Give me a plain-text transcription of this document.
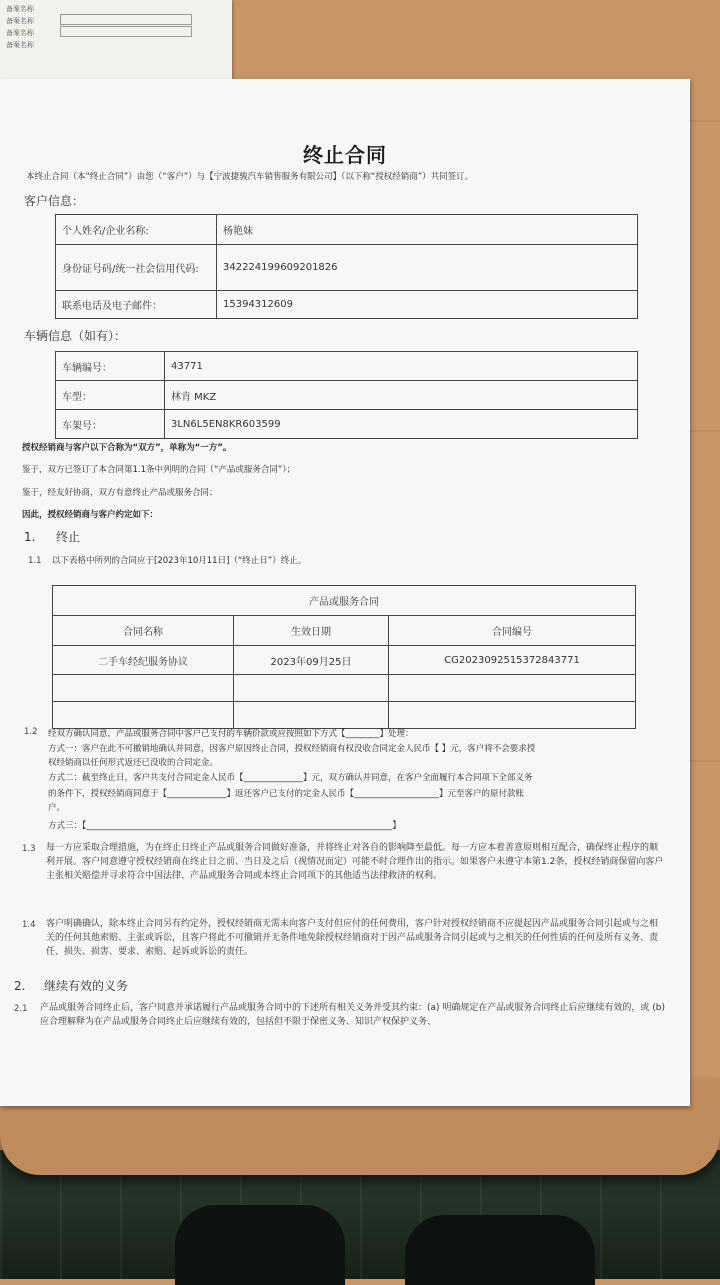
备案名称
备案名称
备案名称
备案名称
终止合同
本终止合同（本“终止合同”）由您（“客户”）与【宁波捷骏汽车销售服务有限公司】（以下称“授权经销商”）共同签订。
客户信息：
个人姓名/企业名称:	杨艳妹
身份证号码/统一社会信用代码:	342224199609201826
联系电话及电子邮件：	15394312609
车辆信息（如有）：
车辆编号：	43771
车型：	林肯 MKZ
车架号：	3LN6L5EN8KR603599
授权经销商与客户以下合称为“双方”，单称为“一方”。
鉴于，双方已签订了本合同第1.1条中列明的合同（“产品或服务合同”）；
鉴于，经友好协商，双方有意终止产品或服务合同；
因此，授权经销商与客户约定如下：
1. 终止
1.1 以下表格中所列的合同应于[2023年10月11日]（“终止日”）终止。
产品或服务合同		
合同名称	生效日期	合同编号
二手车经纪服务协议	2023年09月25日	CG2023092515372843771

1.2 经双方确认同意，产品或服务合同中客户已支付的车辆价款或应按照如下方式【________】处理：
方式一：客户在此不可撤销地确认并同意，因客户原因终止合同，授权经销商有权没收合同定金人民币【 】元，客户将不会要求授
权经销商以任何形式返还已没收的合同定金。
方式二：截至终止日，客户共支付合同定金人民币【______________】元，双方确认并同意，在客户全面履行本合同项下全部义务
的条件下，授权经销商同意于【______________】返还客户已支付的定金人民币【____________________】元至客户的原付款账
户。
方式三：【________________________________________________________________________】
1.3 每一方应采取合理措施，为在终止日终止产品或服务合同做好准备，并将终止对各自的影响降至最低。每一方应本着善意原则相互配合，确保终止程序的顺利开展。客户同意遵守授权经销商在终止日之前、当日及之后（视情况而定）可能不时合理作出的指示。如果客户未遵守本第1.2条，授权经销商保留向客户主张相关赔偿并寻求符合中国法律、产品或服务合同或本终止合同项下的其他适当法律救济的权利。
1.4 客户明确确认，除本终止合同另有约定外，授权经销商无需未向客户支付但应付的任何费用，客户针对授权经销商不应提起因产品或服务合同引起或与之相关的任何其他索赔、主张或诉讼，且客户将此不可撤销并无条件地免除授权经销商对于因产品或服务合同引起或与之相关的任何性质的任何及所有义务、责任、损失、损害、要求、索赔、起诉或诉讼的责任。
2. 继续有效的义务
2.1 产品或服务合同终止后，客户同意并承诺履行产品或服务合同中的下述所有相关义务并受其约束：(a) 明确规定在产品或服务合同终止后应继续有效的，或 (b) 应合理解释为在产品或服务合同终止后应继续有效的，包括但不限于保密义务、知识产权保护义务、
